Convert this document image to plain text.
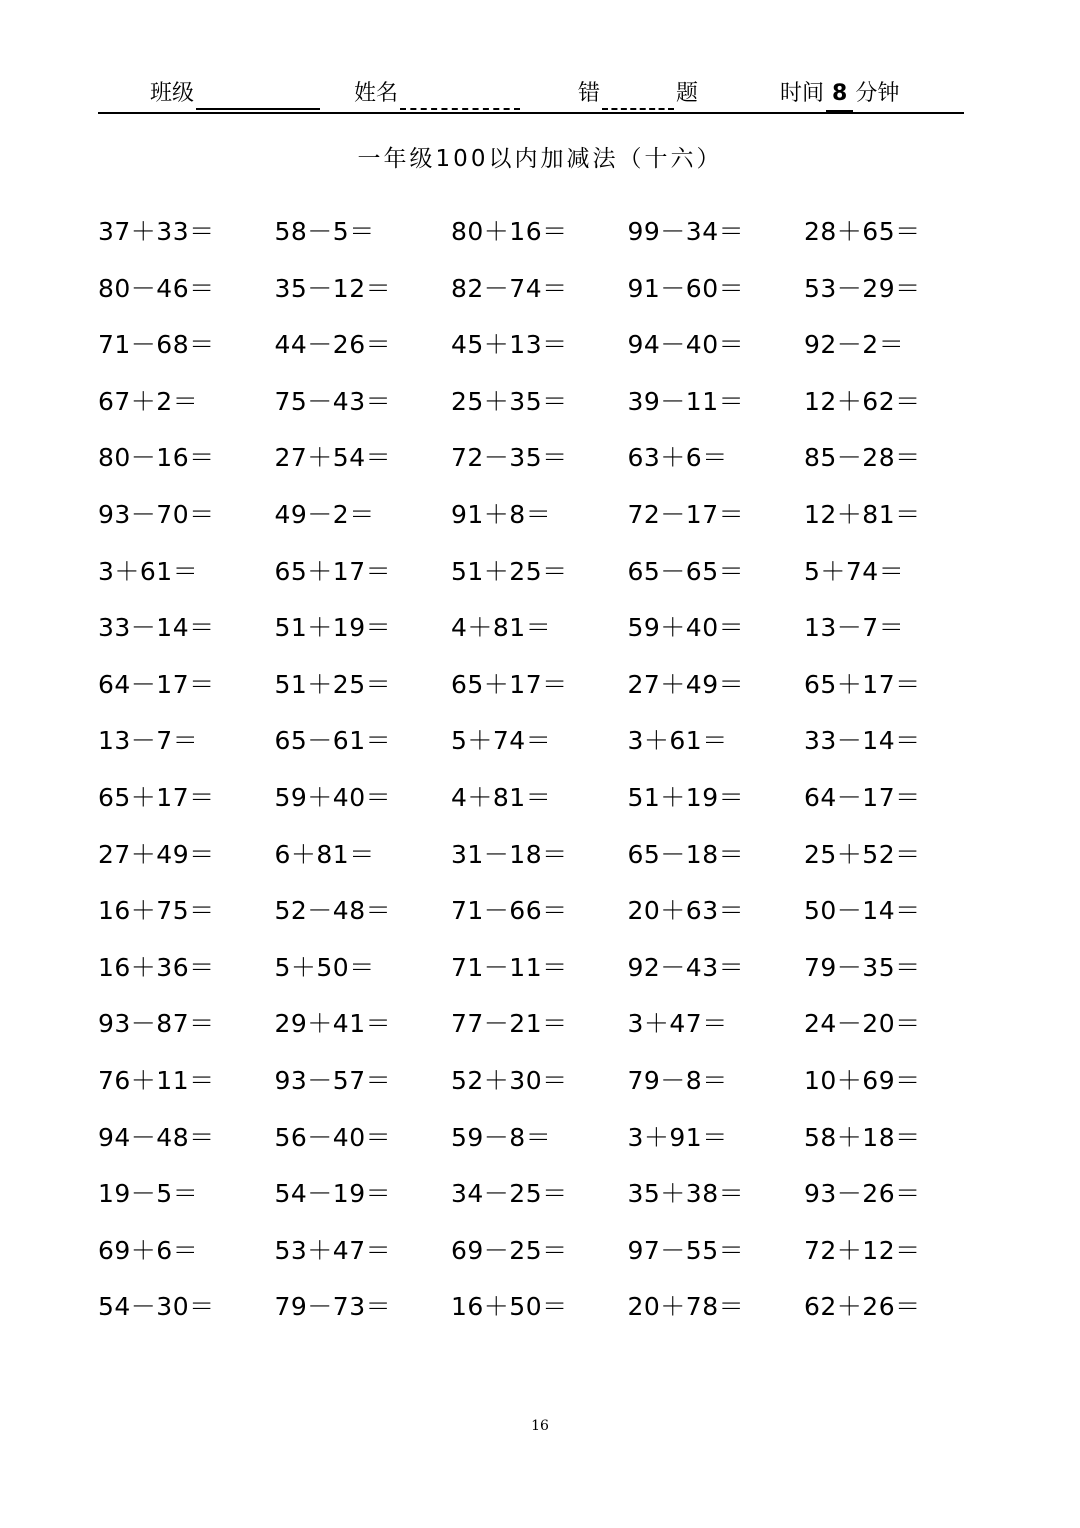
班级	姓名	错	题	时间 8 分钟
一年级100以内加减法（十六）
37＋33＝	58－5＝	80＋16＝	99－34＝	28＋65＝
80－46＝	35－12＝	82－74＝	91－60＝	53－29＝
71－68＝	44－26＝	45＋13＝	94－40＝	92－2＝
67＋2＝	75－43＝	25＋35＝	39－11＝	12＋62＝
80－16＝	27＋54＝	72－35＝	63＋6＝	85－28＝
93－70＝	49－2＝	91＋8＝	72－17＝	12＋81＝
3＋61＝	65＋17＝	51＋25＝	65－65＝	5＋74＝
33－14＝	51＋19＝	4＋81＝	59＋40＝	13－7＝
64－17＝	51＋25＝	65＋17＝	27＋49＝	65＋17＝
13－7＝	65－61＝	5＋74＝	3＋61＝	33－14＝
65＋17＝	59＋40＝	4＋81＝	51＋19＝	64－17＝
27＋49＝	6＋81＝	31－18＝	65－18＝	25＋52＝
16＋75＝	52－48＝	71－66＝	20＋63＝	50－14＝
16＋36＝	5＋50＝	71－11＝	92－43＝	79－35＝
93－87＝	29＋41＝	77－21＝	3＋47＝	24－20＝
76＋11＝	93－57＝	52＋30＝	79－8＝	10＋69＝
94－48＝	56－40＝	59－8＝	3＋91＝	58＋18＝
19－5＝	54－19＝	34－25＝	35＋38＝	93－26＝
69＋6＝	53＋47＝	69－25＝	97－55＝	72＋12＝
54－30＝	79－73＝	16＋50＝	20＋78＝	62＋26＝
16
